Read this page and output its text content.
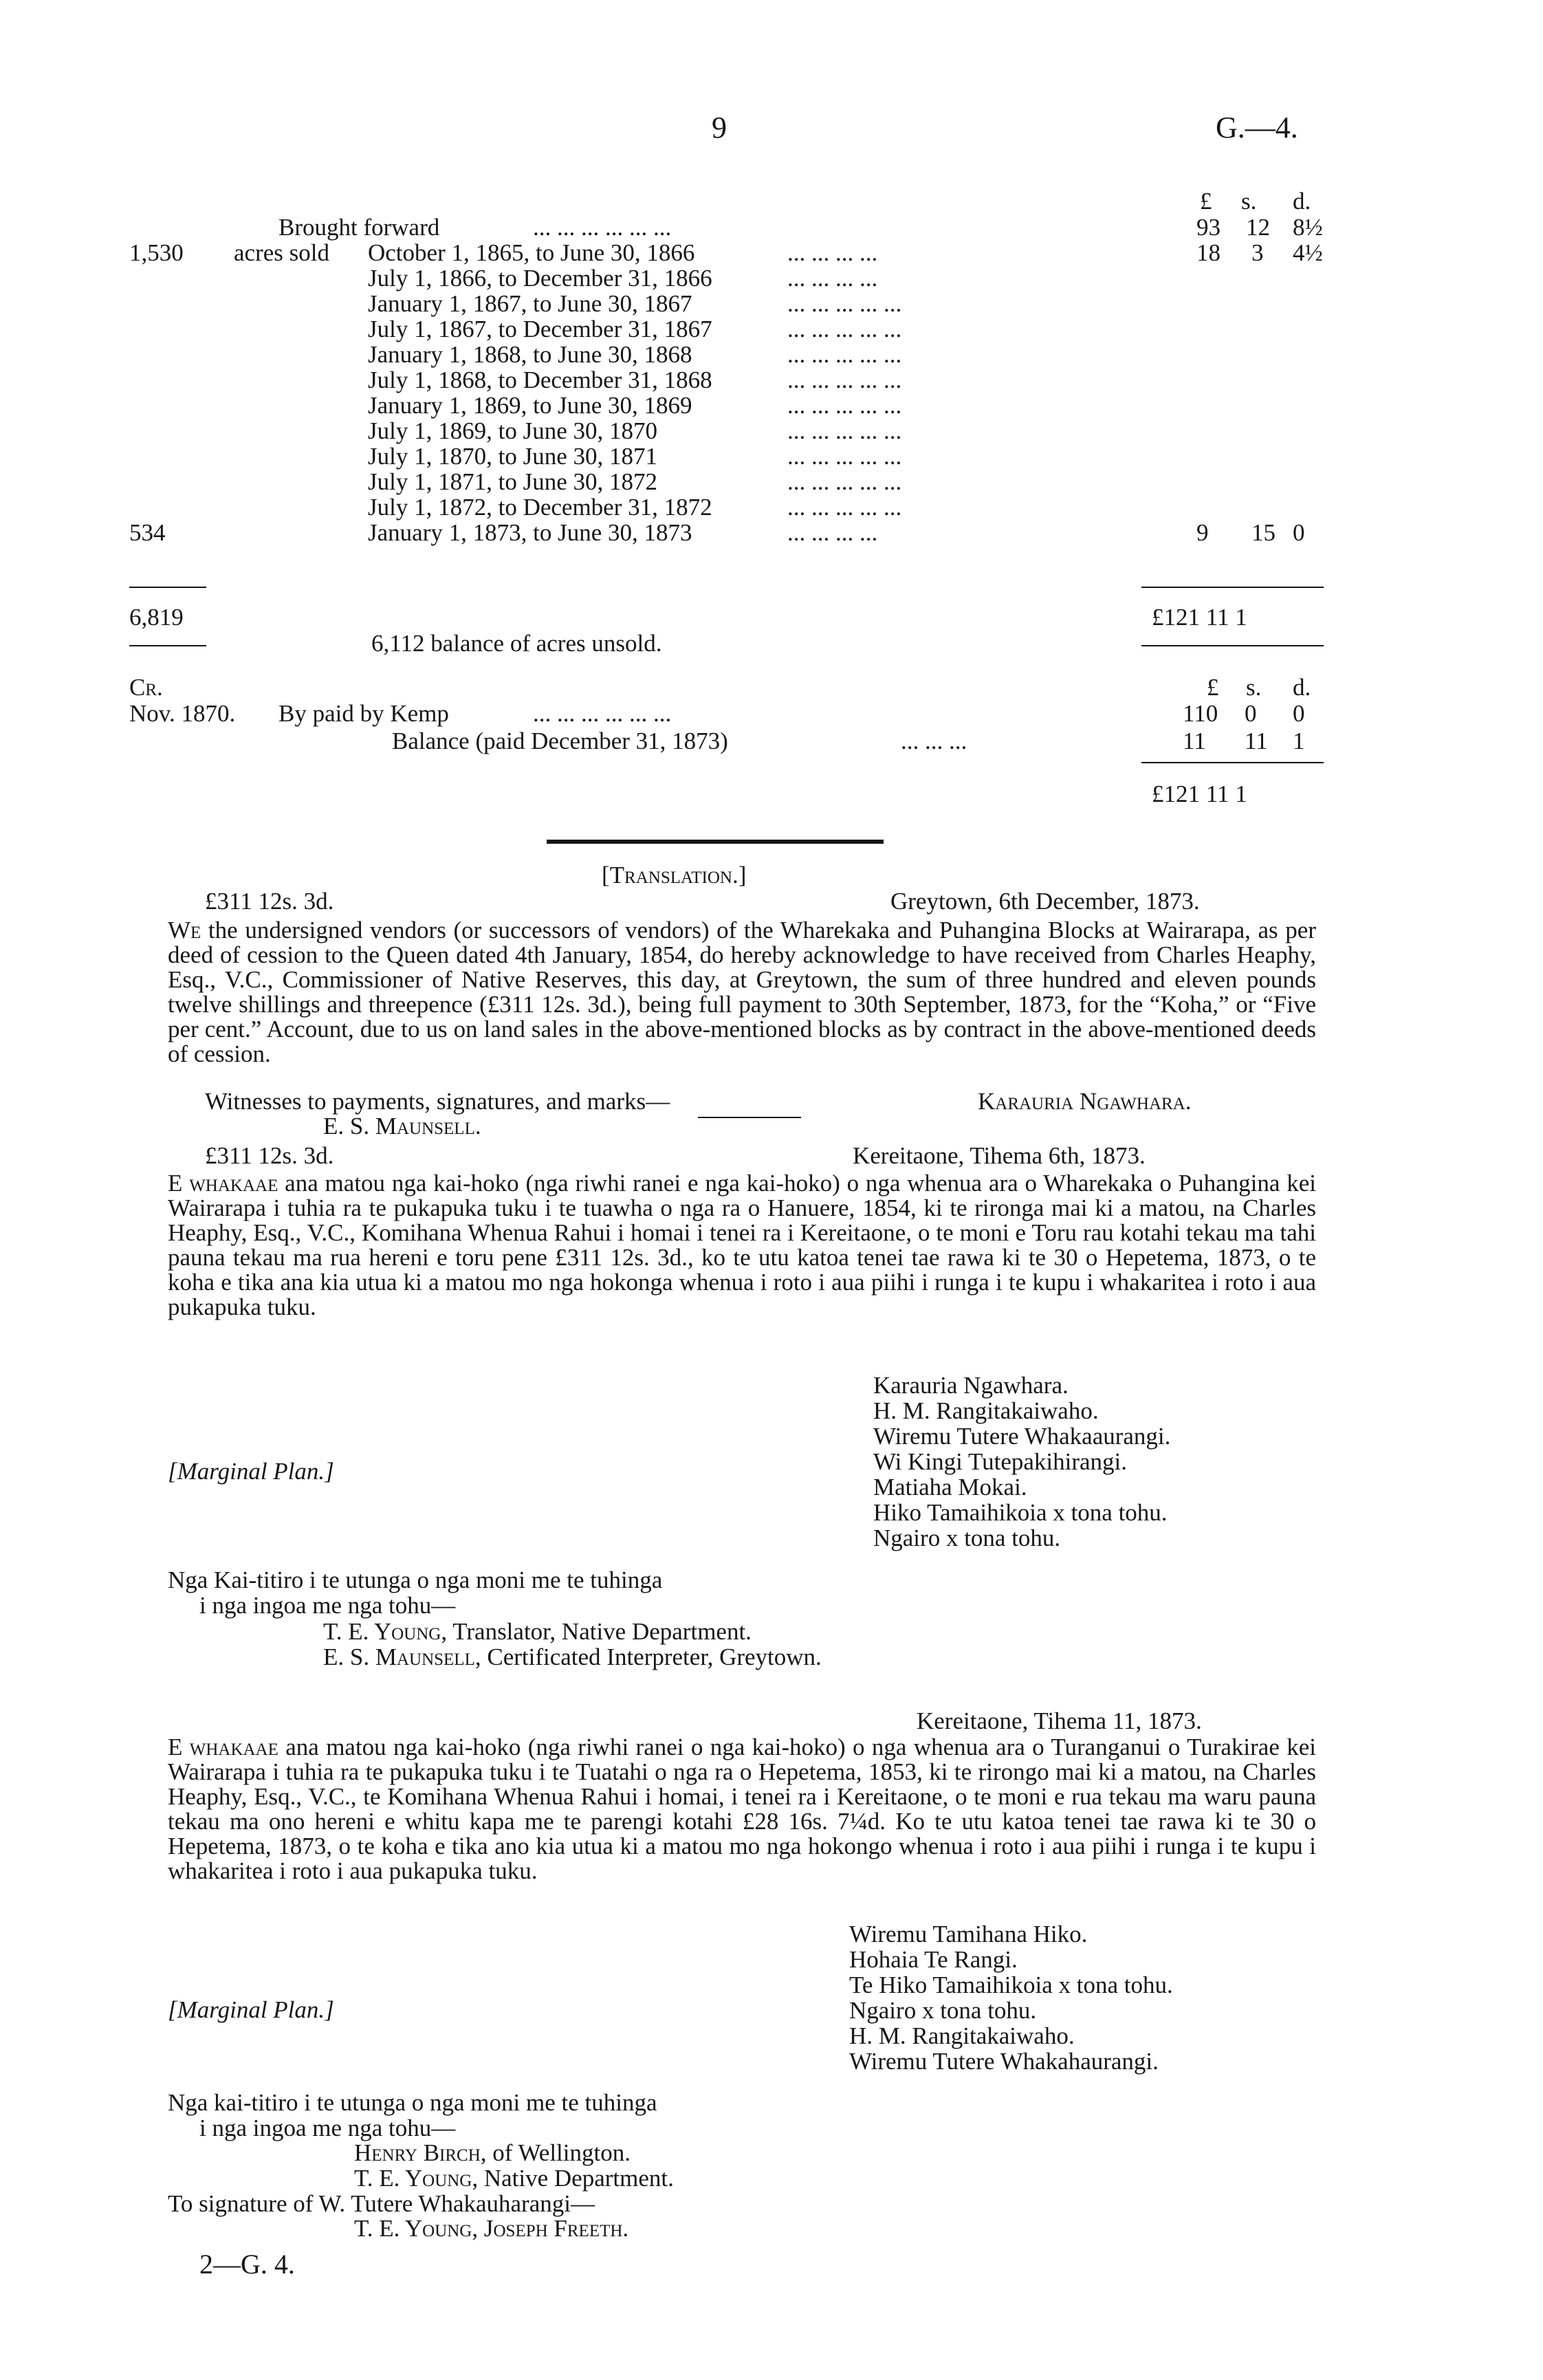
9	G.—4.
£ s. d.
Brought forward	... ... ... ... ... ...	93 12 8½
1,530 acres sold October 1, 1865, to June 30, 1866	... ... ... ...	18 3 4½
July 1, 1866, to December 31, 1866	... ... ... ...
January 1, 1867, to June 30, 1867	... ... ... ... ...
July 1, 1867, to December 31, 1867	... ... ... ... ...
January 1, 1868, to June 30, 1868	... ... ... ... ...
July 1, 1868, to December 31, 1868	... ... ... ... ...
January 1, 1869, to June 30, 1869	... ... ... ... ...
July 1, 1869, to June 30, 1870	... ... ... ... ...
July 1, 1870, to June 30, 1871	... ... ... ... ...
July 1, 1871, to June 30, 1872	... ... ... ... ...
July 1, 1872, to December 31, 1872	... ... ... ... ...
534	January 1, 1873, to June 30, 1873	... ... ... ...	9 15 0
6,819	£121 11 1
6,112 balance of acres unsold.
Cr.	£ s. d.
Nov. 1870. By paid by Kemp	... ... ... ... ... ...	110 0 0
Balance (paid December 31, 1873)	... ... ...	11 11 1
£121 11 1
[Translation.]
£311 12s. 3d.	Greytown, 6th December, 1873.
We the undersigned vendors (or successors of vendors) of the Wharekaka and Puhangina Blocks at Wairarapa, as per deed of cession to the Queen dated 4th January, 1854, do hereby acknowledge to have received from Charles Heaphy, Esq., V.C., Commissioner of Native Reserves, this day, at Greytown, the sum of three hundred and eleven pounds twelve shillings and threepence (£311 12s. 3d.), being full payment to 30th September, 1873, for the “Koha,” or “Five per cent.” Account, due to us on land sales in the above-mentioned blocks as by contract in the above-mentioned deeds of cession.
Witnesses to payments, signatures, and marks—	Karauria Ngawhara.
E. S. Maunsell.
£311 12s. 3d.	Kereitaone, Tihema 6th, 1873.
E whakaae ana matou nga kai-hoko (nga riwhi ranei e nga kai-hoko) o nga whenua ara o Wharekaka o Puhangina kei Wairarapa i tuhia ra te pukapuka tuku i te tuawha o nga ra o Hanuere, 1854, ki te rironga mai ki a matou, na Charles Heaphy, Esq., V.C., Komihana Whenua Rahui i homai i tenei ra i Kereitaone, o te moni e Toru rau kotahi tekau ma tahi pauna tekau ma rua hereni e toru pene £311 12s. 3d., ko te utu katoa tenei tae rawa ki te 30 o Hepetema, 1873, o te koha e tika ana kia utua ki a matou mo nga hokonga whenua i roto i aua piihi i runga i te kupu i whakaritea i roto i aua pukapuka tuku.
[Marginal Plan.]
Karauria Ngawhara.
H. M. Rangitakaiwaho.
Wiremu Tutere Whakaaurangi.
Wi Kingi Tutepakihirangi.
Matiaha Mokai.
Hiko Tamaihikoia x tona tohu.
Ngairo x tona tohu.
Nga Kai-titiro i te utunga o nga moni me te tuhinga
i nga ingoa me nga tohu—
T. E. Young, Translator, Native Department.
E. S. Maunsell, Certificated Interpreter, Greytown.
Kereitaone, Tihema 11, 1873.
E whakaae ana matou nga kai-hoko (nga riwhi ranei o nga kai-hoko) o nga whenua ara o Turanganui o Turakirae kei Wairarapa i tuhia ra te pukapuka tuku i te Tuatahi o nga ra o Hepetema, 1853, ki te rirongo mai ki a matou, na Charles Heaphy, Esq., V.C., te Komihana Whenua Rahui i homai, i tenei ra i Kereitaone, o te moni e rua tekau ma waru pauna tekau ma ono hereni e whitu kapa me te parengi kotahi £28 16s. 7¼d. Ko te utu katoa tenei tae rawa ki te 30 o Hepetema, 1873, o te koha e tika ano kia utua ki a matou mo nga hokongo whenua i roto i aua piihi i runga i te kupu i whakaritea i roto i aua pukapuka tuku.
[Marginal Plan.]
Wiremu Tamihana Hiko.
Hohaia Te Rangi.
Te Hiko Tamaihikoia x tona tohu.
Ngairo x tona tohu.
H. M. Rangitakaiwaho.
Wiremu Tutere Whakahaurangi.
Nga kai-titiro i te utunga o nga moni me te tuhinga
i nga ingoa me nga tohu—
Henry Birch, of Wellington.
T. E. Young, Native Department.
To signature of W. Tutere Whakauharangi—
T. E. Young, Joseph Freeth.
2—G. 4.
